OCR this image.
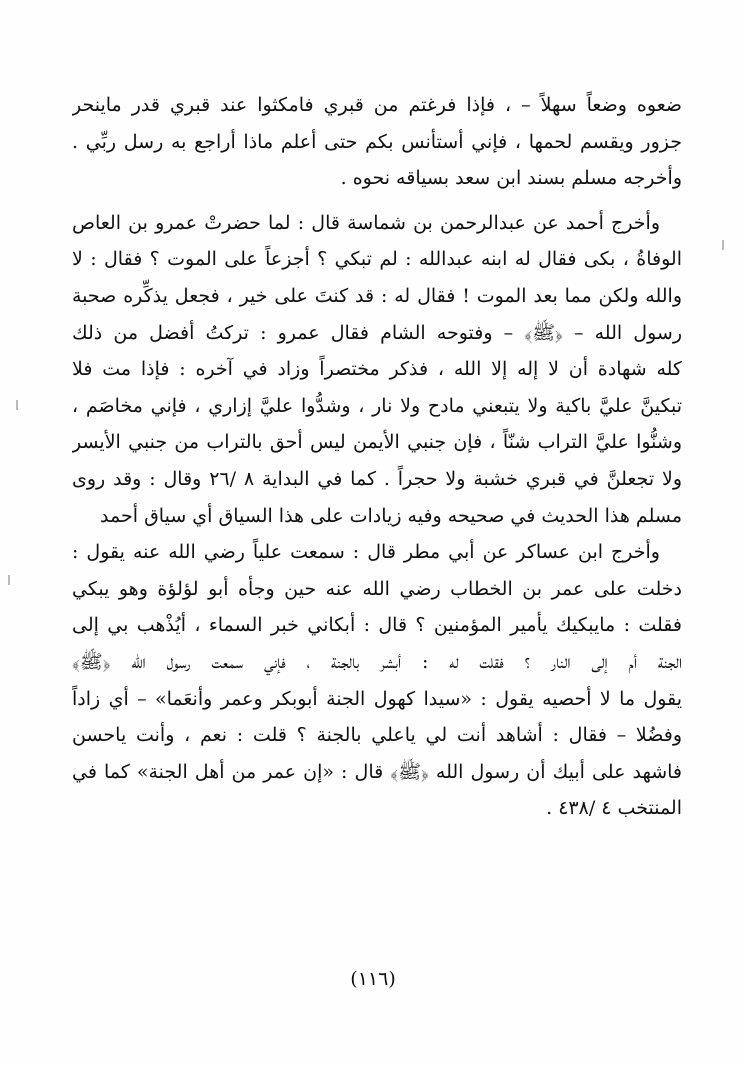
ضعوه وضعاً سهلاً – ، فإذا فرغتم من قبري فامكثوا عند قبري قدر ماينحر
جزور ويقسم لحمها ، فإني أستأنس بكم حتى أعلم ماذا أراجع به رسل ربِّي .
وأخرجه مسلم بسند ابن سعد بسياقه نحوه .
وأخرج أحمد عن عبدالرحمن بن شماسة قال : لما حضرتْ عمرو بن العاص
الوفاةُ ، بكى فقال له ابنه عبدالله : لم تبكي ؟ أجزعاً على الموت ؟ فقال : لا
والله ولكن مما بعد الموت ! فقال له : قد كنتَ على خير ، فجعل يذكِّره صحبة
رسول الله – ﴿ﷺ﴾ – وفتوحه الشام فقال عمرو : تركتُ أفضل من ذلك
كله شهادة أن لا إله إلا الله ، فذكر مختصراً وزاد في آخره : فإذا مت فلا
تبكينَّ عليَّ باكية ولا يتبعني مادح ولا نار ، وشدُّوا عليَّ إزاري ، فإني مخاصَم ،
وشنُّوا عليَّ التراب شنّاً ، فإن جنبي الأيمن ليس أحق بالتراب من جنبي الأيسر
ولا تجعلنَّ في قبري خشبة ولا حجراً . كما في البداية ٨ /٢٦ وقال : وقد روى
مسلم هذا الحديث في صحيحه وفيه زيادات على هذا السياق أي سياق أحمد
وأخرج ابن عساكر عن أبي مطر قال : سمعت علياً رضي الله عنه يقول :
دخلت على عمر بن الخطاب رضي الله عنه حين وجأه أبو لؤلؤة وهو يبكي
فقلت : مايبكيك يأمير المؤمنين ؟ قال : أبكاني خبر السماء ، أيُذْهب بي إلى
الجنة أم إلى النار ؟ فقلت له : أبشر بالجنة ، فإني سمعت رسول الله ﴿ﷺ﴾
يقول ما لا أحصيه يقول : «سيدا كهول الجنة أبوبكر وعمر وأنعَما» – أي زاداً
وفضُلا – فقال : أشاهد أنت لي ياعلي بالجنة ؟ قلت : نعم ، وأنت ياحسن
فاشهد على أبيك أن رسول الله ﴿ﷺ﴾ قال : «إن عمر من أهل الجنة» كما في
المنتخب ٤ /٤٣٨ .
(١١٦)
